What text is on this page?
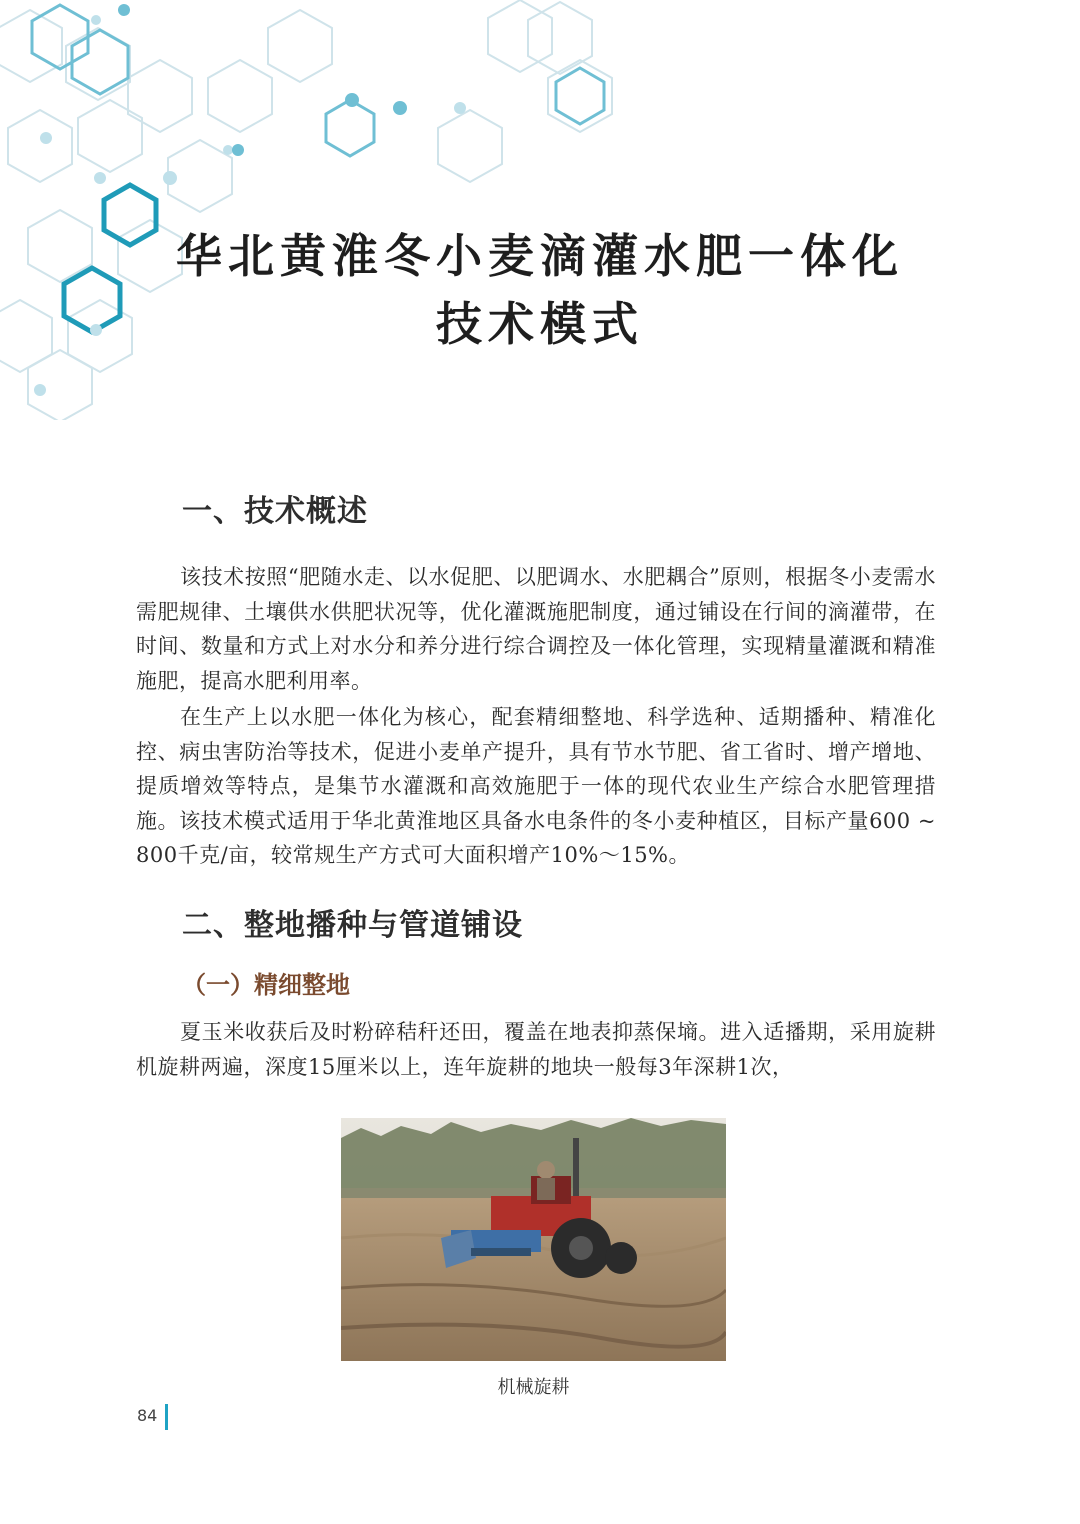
华北黄淮冬小麦滴灌水肥一体化
技术模式
一、技术概述
该技术按照“肥随水走、以水促肥、以肥调水、水肥耦合”原则，根据冬小麦需水需肥规律、土壤供水供肥状况等，优化灌溉施肥制度，通过铺设在行间的滴灌带，在时间、数量和方式上对水分和养分进行综合调控及一体化管理，实现精量灌溉和精准施肥，提高水肥利用率。
在生产上以水肥一体化为核心，配套精细整地、科学选种、适期播种、精准化控、病虫害防治等技术，促进小麦单产提升，具有节水节肥、省工省时、增产增地、提质增效等特点，是集节水灌溉和高效施肥于一体的现代农业生产综合水肥管理措施。该技术模式适用于华北黄淮地区具备水电条件的冬小麦种植区，目标产量600 ~ 800千克/亩，较常规生产方式可大面积增产10%～15%。
二、整地播种与管道铺设
（一）精细整地
夏玉米收获后及时粉碎秸秆还田，覆盖在地表抑蒸保墒。进入适播期，采用旋耕机旋耕两遍，深度15厘米以上，连年旋耕的地块一般每3年深耕1次，
机械旋耕
84
